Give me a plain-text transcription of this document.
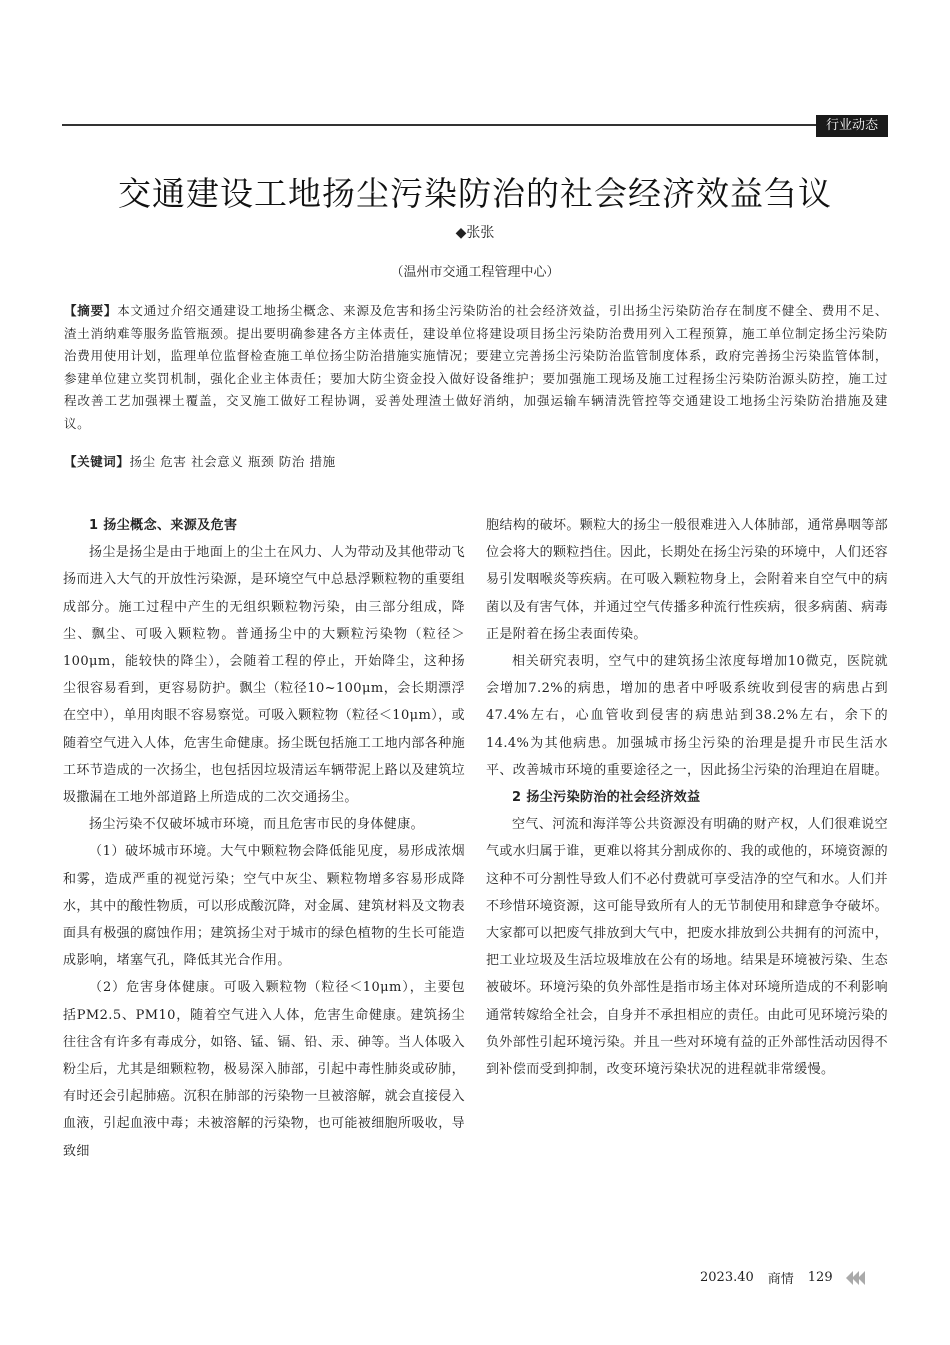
行业动态
交通建设工地扬尘污染防治的社会经济效益刍议
◆张张
（温州市交通工程管理中心）
【摘要】本文通过介绍交通建设工地扬尘概念、来源及危害和扬尘污染防治的社会经济效益，引出扬尘污染防治存在制度不健全、费用不足、渣土消纳难等服务监管瓶颈。提出要明确参建各方主体责任，建设单位将建设项目扬尘污染防治费用列入工程预算，施工单位制定扬尘污染防治费用使用计划，监理单位监督检查施工单位扬尘防治措施实施情况；要建立完善扬尘污染防治监管制度体系，政府完善扬尘污染监管体制，参建单位建立奖罚机制，强化企业主体责任；要加大防尘资金投入做好设备维护；要加强施工现场及施工过程扬尘污染防治源头防控，施工过程改善工艺加强裸土覆盖，交叉施工做好工程协调，妥善处理渣土做好消纳，加强运输车辆清洗管控等交通建设工地扬尘污染防治措施及建议。
【关键词】扬尘 危害 社会意义 瓶颈 防治 措施
1 扬尘概念、来源及危害

扬尘是扬尘是由于地面上的尘土在风力、人为带动及其他带动飞扬而进入大气的开放性污染源，是环境空气中总悬浮颗粒物的重要组成部分。施工过程中产生的无组织颗粒物污染，由三部分组成，降尘、飘尘、可吸入颗粒物。普通扬尘中的大颗粒污染物（粒径＞100μm，能较快的降尘），会随着工程的停止，开始降尘，这种扬尘很容易看到，更容易防护。飘尘（粒径10~100μm，会长期漂浮在空中），单用肉眼不容易察觉。可吸入颗粒物（粒径＜10μm），或随着空气进入人体，危害生命健康。扬尘既包括施工工地内部各种施工环节造成的一次扬尘，也包括因垃圾清运车辆带泥上路以及建筑垃圾撒漏在工地外部道路上所造成的二次交通扬尘。

扬尘污染不仅破坏城市环境，而且危害市民的身体健康。

（1）破坏城市环境。大气中颗粒物会降低能见度，易形成浓烟和雾，造成严重的视觉污染；空气中灰尘、颗粒物增多容易形成降水，其中的酸性物质，可以形成酸沉降，对金属、建筑材料及文物表面具有极强的腐蚀作用；建筑扬尘对于城市的绿色植物的生长可能造成影响，堵塞气孔，降低其光合作用。

（2）危害身体健康。可吸入颗粒物（粒径＜10μm），主要包括PM2.5、PM10，随着空气进入人体，危害生命健康。建筑扬尘往往含有许多有毒成分，如铬、锰、镉、铅、汞、砷等。当人体吸入粉尘后，尤其是细颗粒物，极易深入肺部，引起中毒性肺炎或矽肺，有时还会引起肺癌。沉积在肺部的污染物一旦被溶解，就会直接侵入血液，引起血液中毒；未被溶解的污染物，也可能被细胞所吸收，导致细

胞结构的破坏。颗粒大的扬尘一般很难进入人体肺部，通常鼻咽等部位会将大的颗粒挡住。因此，长期处在扬尘污染的环境中，人们还容易引发咽喉炎等疾病。在可吸入颗粒物身上，会附着来自空气中的病菌以及有害气体，并通过空气传播多种流行性疾病，很多病菌、病毒正是附着在扬尘表面传染。

相关研究表明，空气中的建筑扬尘浓度每增加10微克，医院就会增加7.2%的病患，增加的患者中呼吸系统收到侵害的病患占到47.4%左右，心血管收到侵害的病患站到38.2%左右，余下的14.4%为其他病患。加强城市扬尘污染的治理是提升市民生活水平、改善城市环境的重要途径之一，因此扬尘污染的治理迫在眉睫。

2 扬尘污染防治的社会经济效益

空气、河流和海洋等公共资源没有明确的财产权，人们很难说空气或水归属于谁，更难以将其分割成你的、我的或他的，环境资源的这种不可分割性导致人们不必付费就可享受洁净的空气和水。人们并不珍惜环境资源，这可能导致所有人的无节制使用和肆意争夺破坏。大家都可以把废气排放到大气中，把废水排放到公共拥有的河流中，把工业垃圾及生活垃圾堆放在公有的场地。结果是环境被污染、生态被破坏。环境污染的负外部性是指市场主体对环境所造成的不利影响通常转嫁给全社会，自身并不承担相应的责任。由此可见环境污染的负外部性引起环境污染。并且一些对环境有益的正外部性活动因得不到补偿而受到抑制，改变环境污染状况的进程就非常缓慢。

2023.40 商情 129
